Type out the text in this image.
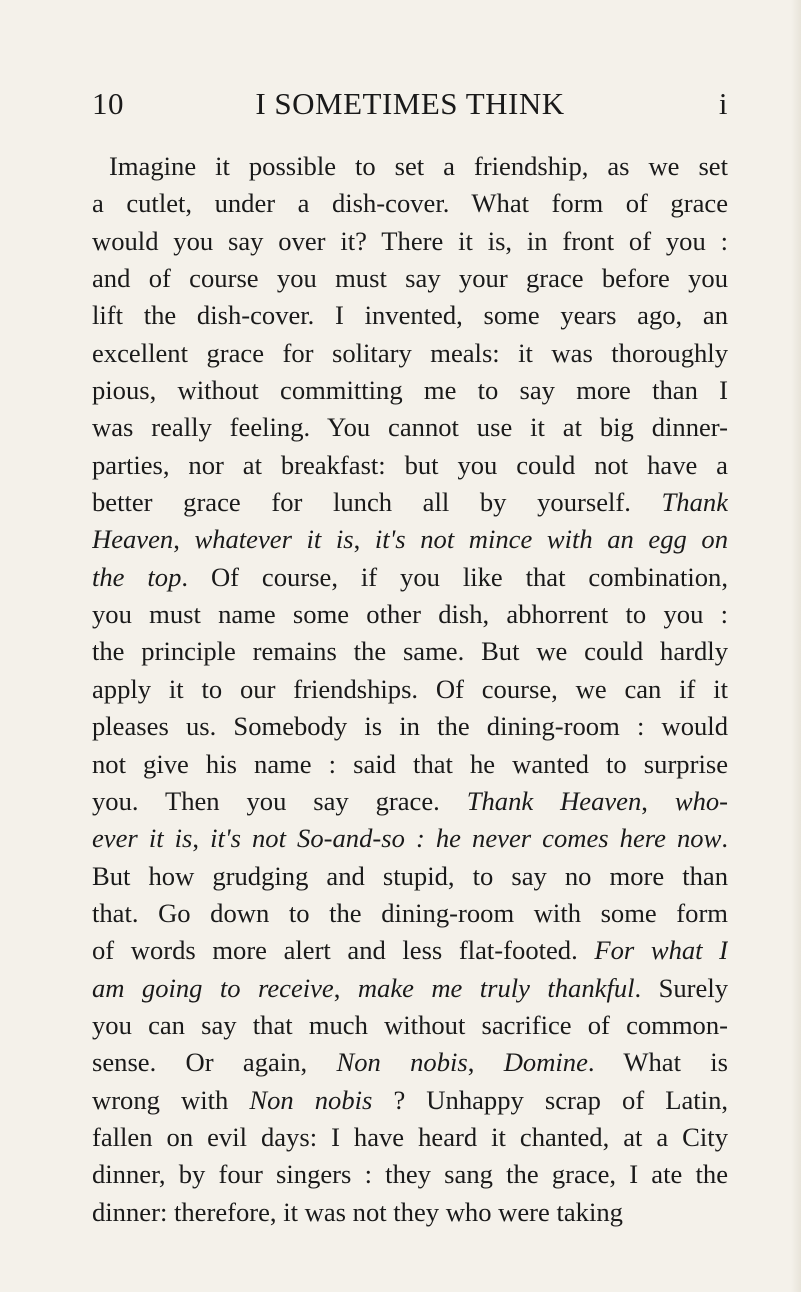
10	I SOMETIMES THINK	i
Imagine it possible to set a friendship, as we set
a cutlet, under a dish-cover. What form of grace
would you say over it? There it is, in front of you :
and of course you must say your grace before you
lift the dish-cover. I invented, some years ago, an
excellent grace for solitary meals: it was thoroughly
pious, without committing me to say more than I
was really feeling. You cannot use it at big dinner-
parties, nor at breakfast: but you could not have a
better grace for lunch all by yourself. Thank
Heaven, whatever it is, it's not mince with an egg on
the top. Of course, if you like that combination,
you must name some other dish, abhorrent to you :
the principle remains the same. But we could hardly
apply it to our friendships. Of course, we can if it
pleases us. Somebody is in the dining-room : would
not give his name : said that he wanted to surprise
you. Then you say grace. Thank Heaven, who-
ever it is, it's not So-and-so : he never comes here now.
But how grudging and stupid, to say no more than
that. Go down to the dining-room with some form
of words more alert and less flat-footed. For what I
am going to receive, make me truly thankful. Surely
you can say that much without sacrifice of common-
sense. Or again, Non nobis, Domine. What is
wrong with Non nobis ? Unhappy scrap of Latin,
fallen on evil days: I have heard it chanted, at a City
dinner, by four singers : they sang the grace, I ate the
dinner: therefore, it was not they who were taking
